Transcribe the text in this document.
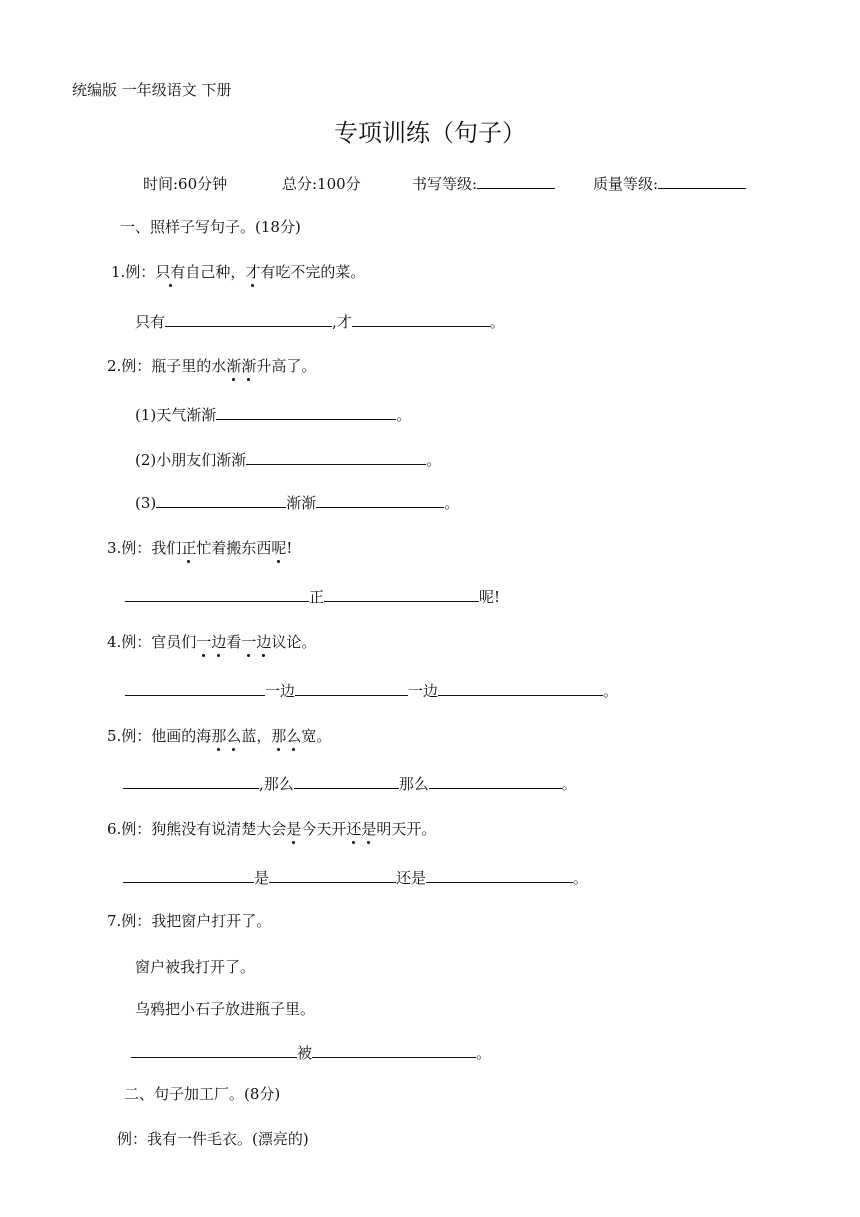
统编版 一年级语文 下册
专项训练（句子）
时间:60分钟	总分:100分	书写等级:	质量等级:
一、照样子写句子。(18分)
1.例：只有自己种，才有吃不完的菜。
只有	,才	。
2.例：瓶子里的水渐渐升高了。
(1)天气渐渐	。
(2)小朋友们渐渐	。
(3)	渐渐	。
3.例：我们正忙着搬东西呢!
正	呢!
4.例：官员们一边看一边议论。
一边	一边	。
5.例：他画的海那么蓝，那么宽。
,那么	那么	。
6.例：狗熊没有说清楚大会是今天开还是明天开。
是	还是	。
7.例：我把窗户打开了。
窗户被我打开了。
乌鸦把小石子放进瓶子里。
被	。
二、句子加工厂。(8分)
例：我有一件毛衣。(漂亮的)
